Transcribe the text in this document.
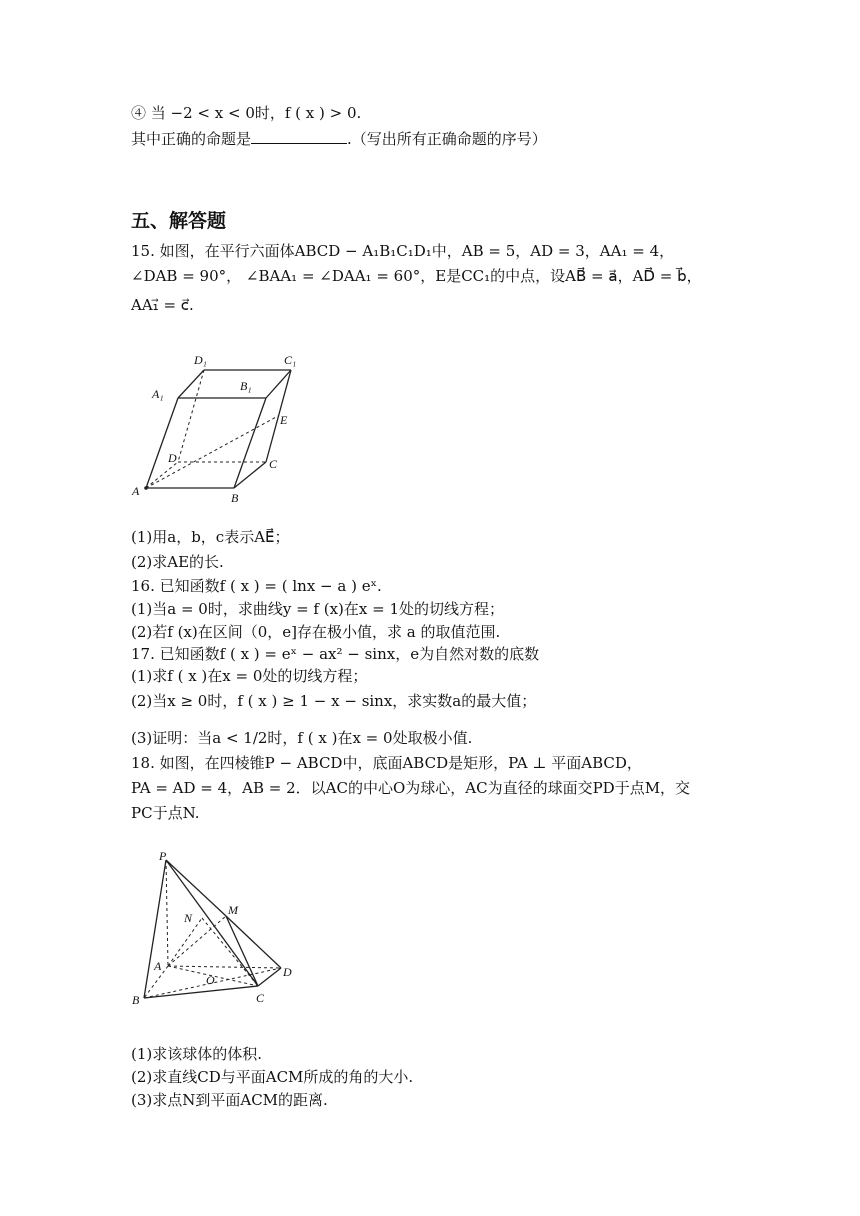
④ 当 −2 < x < 0时，f ( x ) > 0.
其中正确的命题是	.（写出所有正确命题的序号）
五、解答题
15. 如图，在平行六面体ABCD − A₁B₁C₁D₁中，AB = 5，AD = 3，AA₁ = 4，
∠DAB = 90°， ∠BAA₁ = ∠DAA₁ = 60°，E是CC₁的中点，设AB⃗ = a⃗，AD⃗ = b⃗，
AA₁⃗ = c⃗.
D₁	C₁
A₁
B₁
E
D	C
A	B
(1)用a，b，c表示AE⃗；
(2)求AE的长.
16. 已知函数f ( x ) = ( lnx − a ) eˣ.
(1)当a = 0时，求曲线y = f (x)在x = 1处的切线方程；
(2)若f (x)在区间（0，e]存在极小值，求 a 的取值范围.
17. 已知函数f ( x ) = eˣ − ax² − sinx，e为自然对数的底数
(1)求f ( x )在x = 0处的切线方程；
(2)当x ≥ 0时，f ( x ) ≥ 1 − x − sinx，求实数a的最大值；
(3)证明：当a < 1/2时，f ( x )在x = 0处取极小值.
18. 如图，在四棱锥P − ABCD中，底面ABCD是矩形，PA ⊥ 平面ABCD，
PA = AD = 4，AB = 2．以AC的中心O为球心，AC为直径的球面交PD于点M，交
PC于点N.
P
M
N
A
O
D
B	C
(1)求该球体的体积.
(2)求直线CD与平面ACM所成的角的大小.
(3)求点N到平面ACM的距离.
